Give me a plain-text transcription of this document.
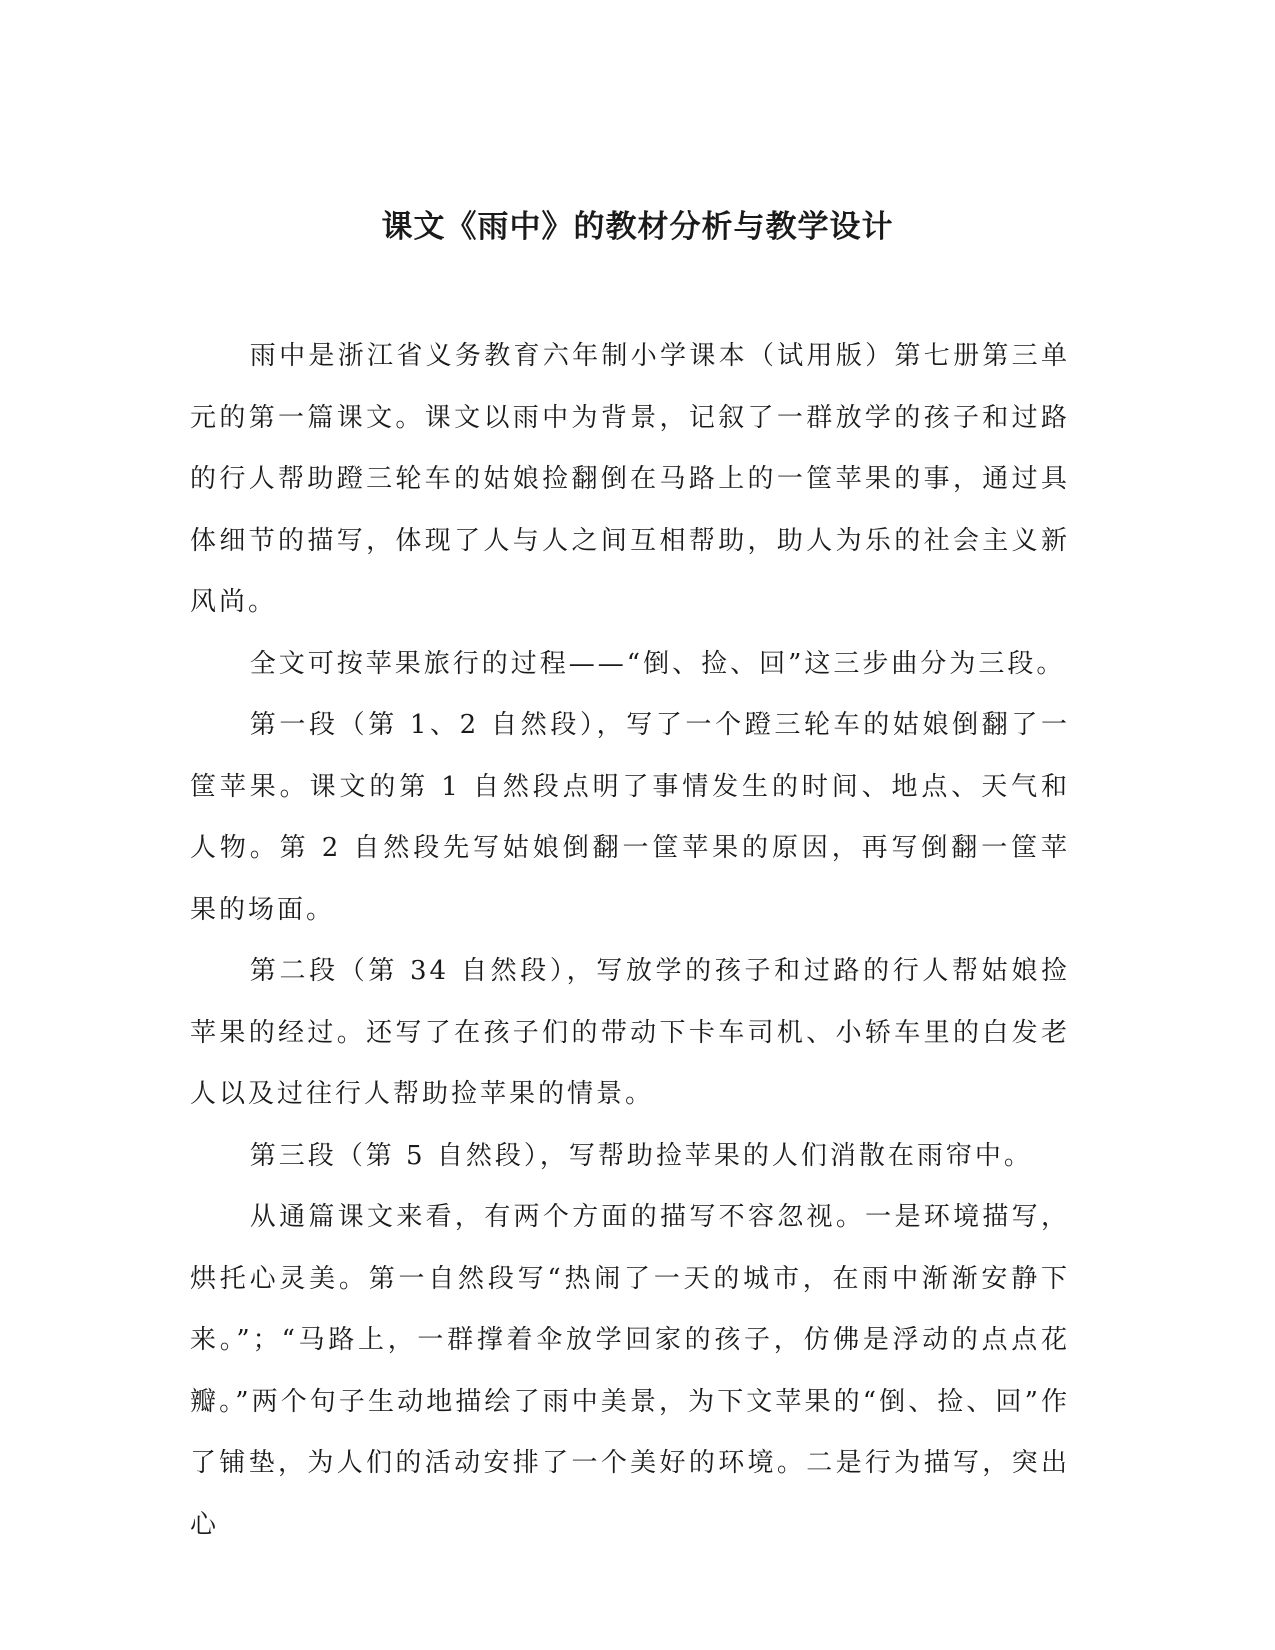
课文《雨中》的教材分析与教学设计

雨中是浙江省义务教育六年制小学课本（试用版）第七册第三单元的第一篇课文。课文以雨中为背景，记叙了一群放学的孩子和过路的行人帮助蹬三轮车的姑娘捡翻倒在马路上的一筐苹果的事，通过具体细节的描写，体现了人与人之间互相帮助，助人为乐的社会主义新风尚。

全文可按苹果旅行的过程——“倒、捡、回”这三步曲分为三段。

第一段（第 1、2 自然段），写了一个蹬三轮车的姑娘倒翻了一筐苹果。课文的第 1 自然段点明了事情发生的时间、地点、天气和人物。第 2 自然段先写姑娘倒翻一筐苹果的原因，再写倒翻一筐苹果的场面。

第二段（第 34 自然段），写放学的孩子和过路的行人帮姑娘捡苹果的经过。还写了在孩子们的带动下卡车司机、小轿车里的白发老人以及过往行人帮助捡苹果的情景。

第三段（第 5 自然段），写帮助捡苹果的人们消散在雨帘中。

从通篇课文来看，有两个方面的描写不容忽视。一是环境描写，烘托心灵美。第一自然段写“热闹了一天的城市，在雨中渐渐安静下来。”；“马路上，一群撑着伞放学回家的孩子，仿佛是浮动的点点花瓣。”两个句子生动地描绘了雨中美景，为下文苹果的“倒、捡、回”作了铺垫，为人们的活动安排了一个美好的环境。二是行为描写，突出心
